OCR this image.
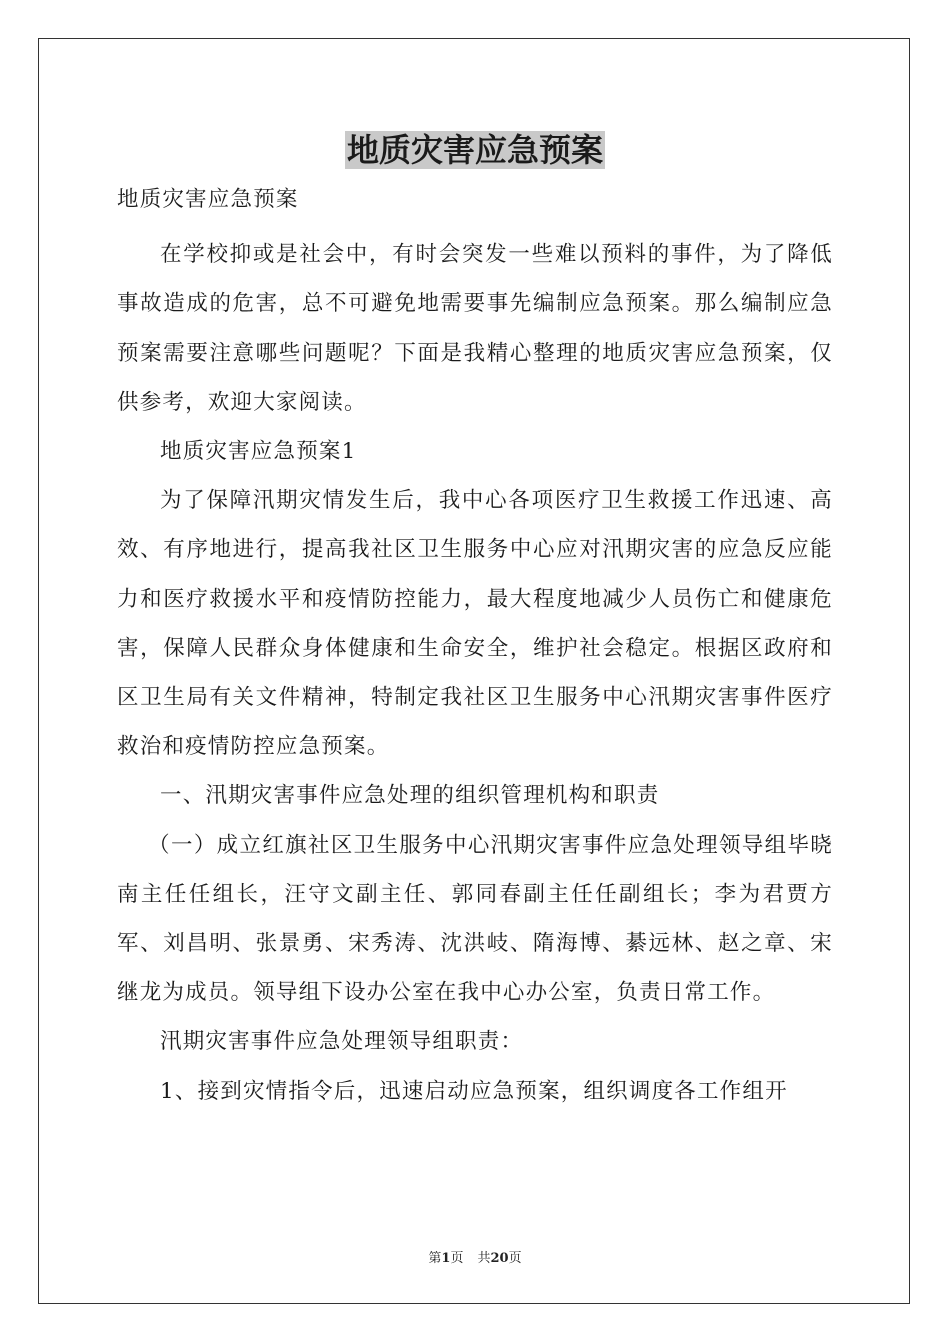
地质灾害应急预案

地质灾害应急预案

在学校抑或是社会中，有时会突发一些难以预料的事件，为了降低事故造成的危害，总不可避免地需要事先编制应急预案。那么编制应急预案需要注意哪些问题呢？下面是我精心整理的地质灾害应急预案，仅供参考，欢迎大家阅读。

地质灾害应急预案1

为了保障汛期灾情发生后，我中心各项医疗卫生救援工作迅速、高效、有序地进行，提高我社区卫生服务中心应对汛期灾害的应急反应能力和医疗救援水平和疫情防控能力，最大程度地减少人员伤亡和健康危害，保障人民群众身体健康和生命安全，维护社会稳定。根据区政府和区卫生局有关文件精神，特制定我社区卫生服务中心汛期灾害事件医疗救治和疫情防控应急预案。

一、汛期灾害事件应急处理的组织管理机构和职责

（一）成立红旗社区卫生服务中心汛期灾害事件应急处理领导组毕晓南主任任组长，汪守文副主任、郭同春副主任任副组长；李为君贾方军、刘昌明、张景勇、宋秀涛、沈洪岐、隋海博、綦远林、赵之章、宋继龙为成员。领导组下设办公室在我中心办公室，负责日常工作。

汛期灾害事件应急处理领导组职责：

1、接到灾情指令后，迅速启动应急预案，组织调度各工作组开

第1页 共20页
